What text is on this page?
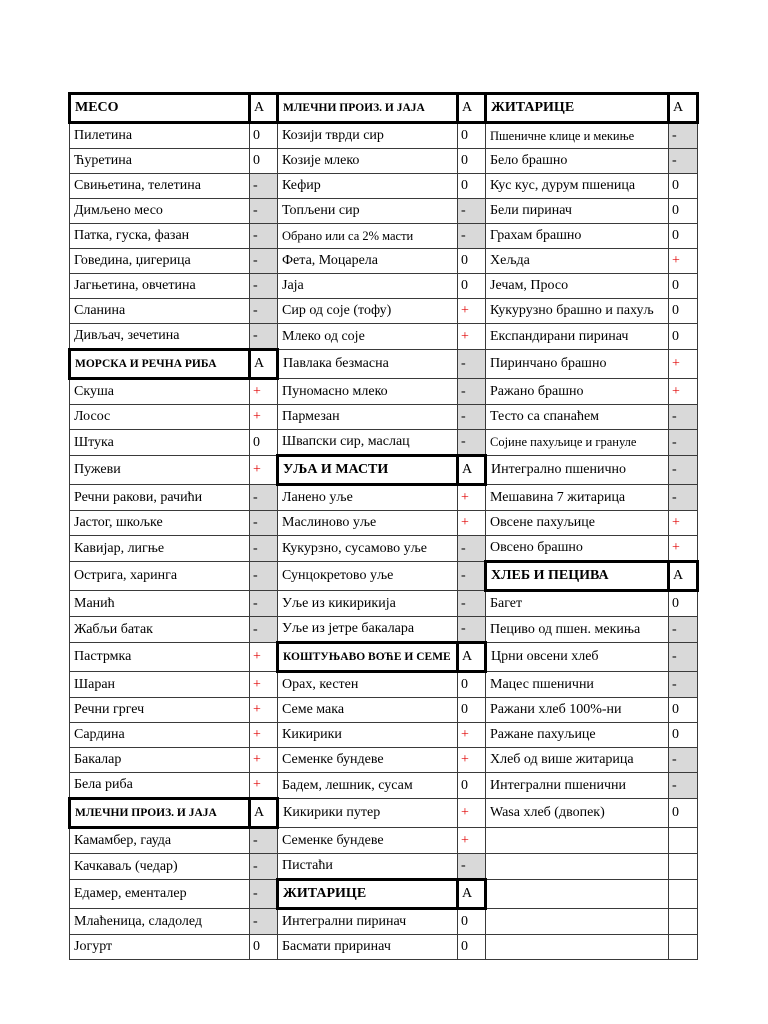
МЕСО	А	МЛЕЧНИ ПРОИЗ. И ЈАЈА	А	ЖИТАРИЦЕ	А
Пилетина	0	Козији тврди сир	0	Пшеничне клице и мекиње	-
Ћуретина	0	Козије млеко	0	Бело брашно	-
Свињетина, телетина	-	Кефир	0	Кус кус, дурум пшеница	0
Димљено месо	-	Топљени сир	-	Бели пиринач	0
Патка, гуска, фазан	-	Обрано или са 2% масти	-	Грахам брашно	0
Говедина, џигерица	-	Фета, Моцарела	0	Хељда	+
Јагњетина, овчетина	-	Јаја	0	Јечам, Просо	0
Сланина	-	Сир од соје (тофу)	+	Кукурузно брашно и пахуљ	0
Дивљач, зечетина	-	Млеко од соје	+	Експандирани пиринач	0
МОРСКА И РЕЧНА РИБА	А	Павлака безмасна	-	Пиринчано брашно	+
Скуша	+	Пуномасно млеко	-	Ражано брашно	+
Лосос	+	Пармезан	-	Тесто са спанаћем	-
Штука	0	Швапски сир, маслац	-	Сојине пахуљице и грануле	-
Пужеви	+	УЉА И МАСТИ	А	Интегрално пшенично	-
Речни ракови, рачићи	-	Ланено уље	+	Мешавина 7 житарица	-
Јастог, шкољке	-	Маслиново уље	+	Овсене пахуљице	+
Кавијар, лигње	-	Кукурзно, сусамово уље	-	Овсено брашно	+
Остригa, харинга	-	Сунцокретово уље	-	ХЛЕБ И ПЕЦИВА	А
Манић	-	Уље из кикирикија	-	Багет	0
Жабљи батак	-	Уље из јетре бакалара	-	Пециво од пшен. мекиња	-
Пастрмка	+	КОШТУЊАВО ВОЋЕ И СЕМЕ	А	Црни овсени хлеб	-
Шаран	+	Орах, кестен	0	Мацес пшенични	-
Речни гргеч	+	Семе мака	0	Ражани хлеб 100%-ни	0
Сардина	+	Кикирики	+	Ражане пахуљице	0
Бакалар	+	Семенке бундеве	+	Хлеб од више житарица	-
Бела риба	+	Бадем, лешник, сусам	0	Интегрални пшенични	-
МЛЕЧНИ ПРОИЗ. И ЈАЈА	А	Кикирики путер	+	Wasa хлеб (двопек)	0
Камамбер, гауда	-	Семенке бундеве	+		
Качкаваљ (чедар)	-	Пистаћи	-		
Едамер, ементалер	-	ЖИТАРИЦЕ	А		
Млаћеница, сладолед	-	Интегрални пиринач	0		
Јогурт	0	Басмати приринач	0		
